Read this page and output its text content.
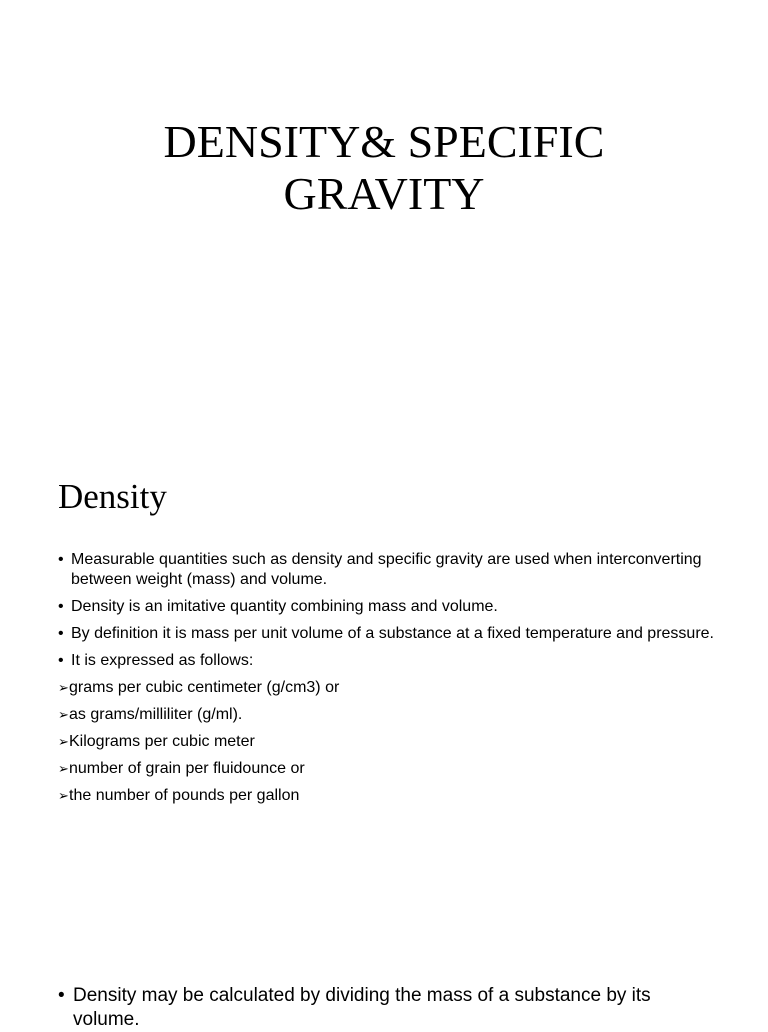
DENSITY& SPECIFIC
GRAVITY
Density
• Measurable quantities such as density and specific gravity are used when interconverting between weight (mass) and volume.
• Density is an imitative quantity combining mass and volume.
• By definition it is mass per unit volume of a substance at a fixed temperature and pressure.
• It is expressed as follows:
➢grams per cubic centimeter (g/cm3) or
➢as grams/milliliter (g/ml).
➢Kilograms per cubic meter
➢number of grain per fluidounce or
➢the number of pounds per gallon

• Density may be calculated by dividing the mass of a substance by its volume.
